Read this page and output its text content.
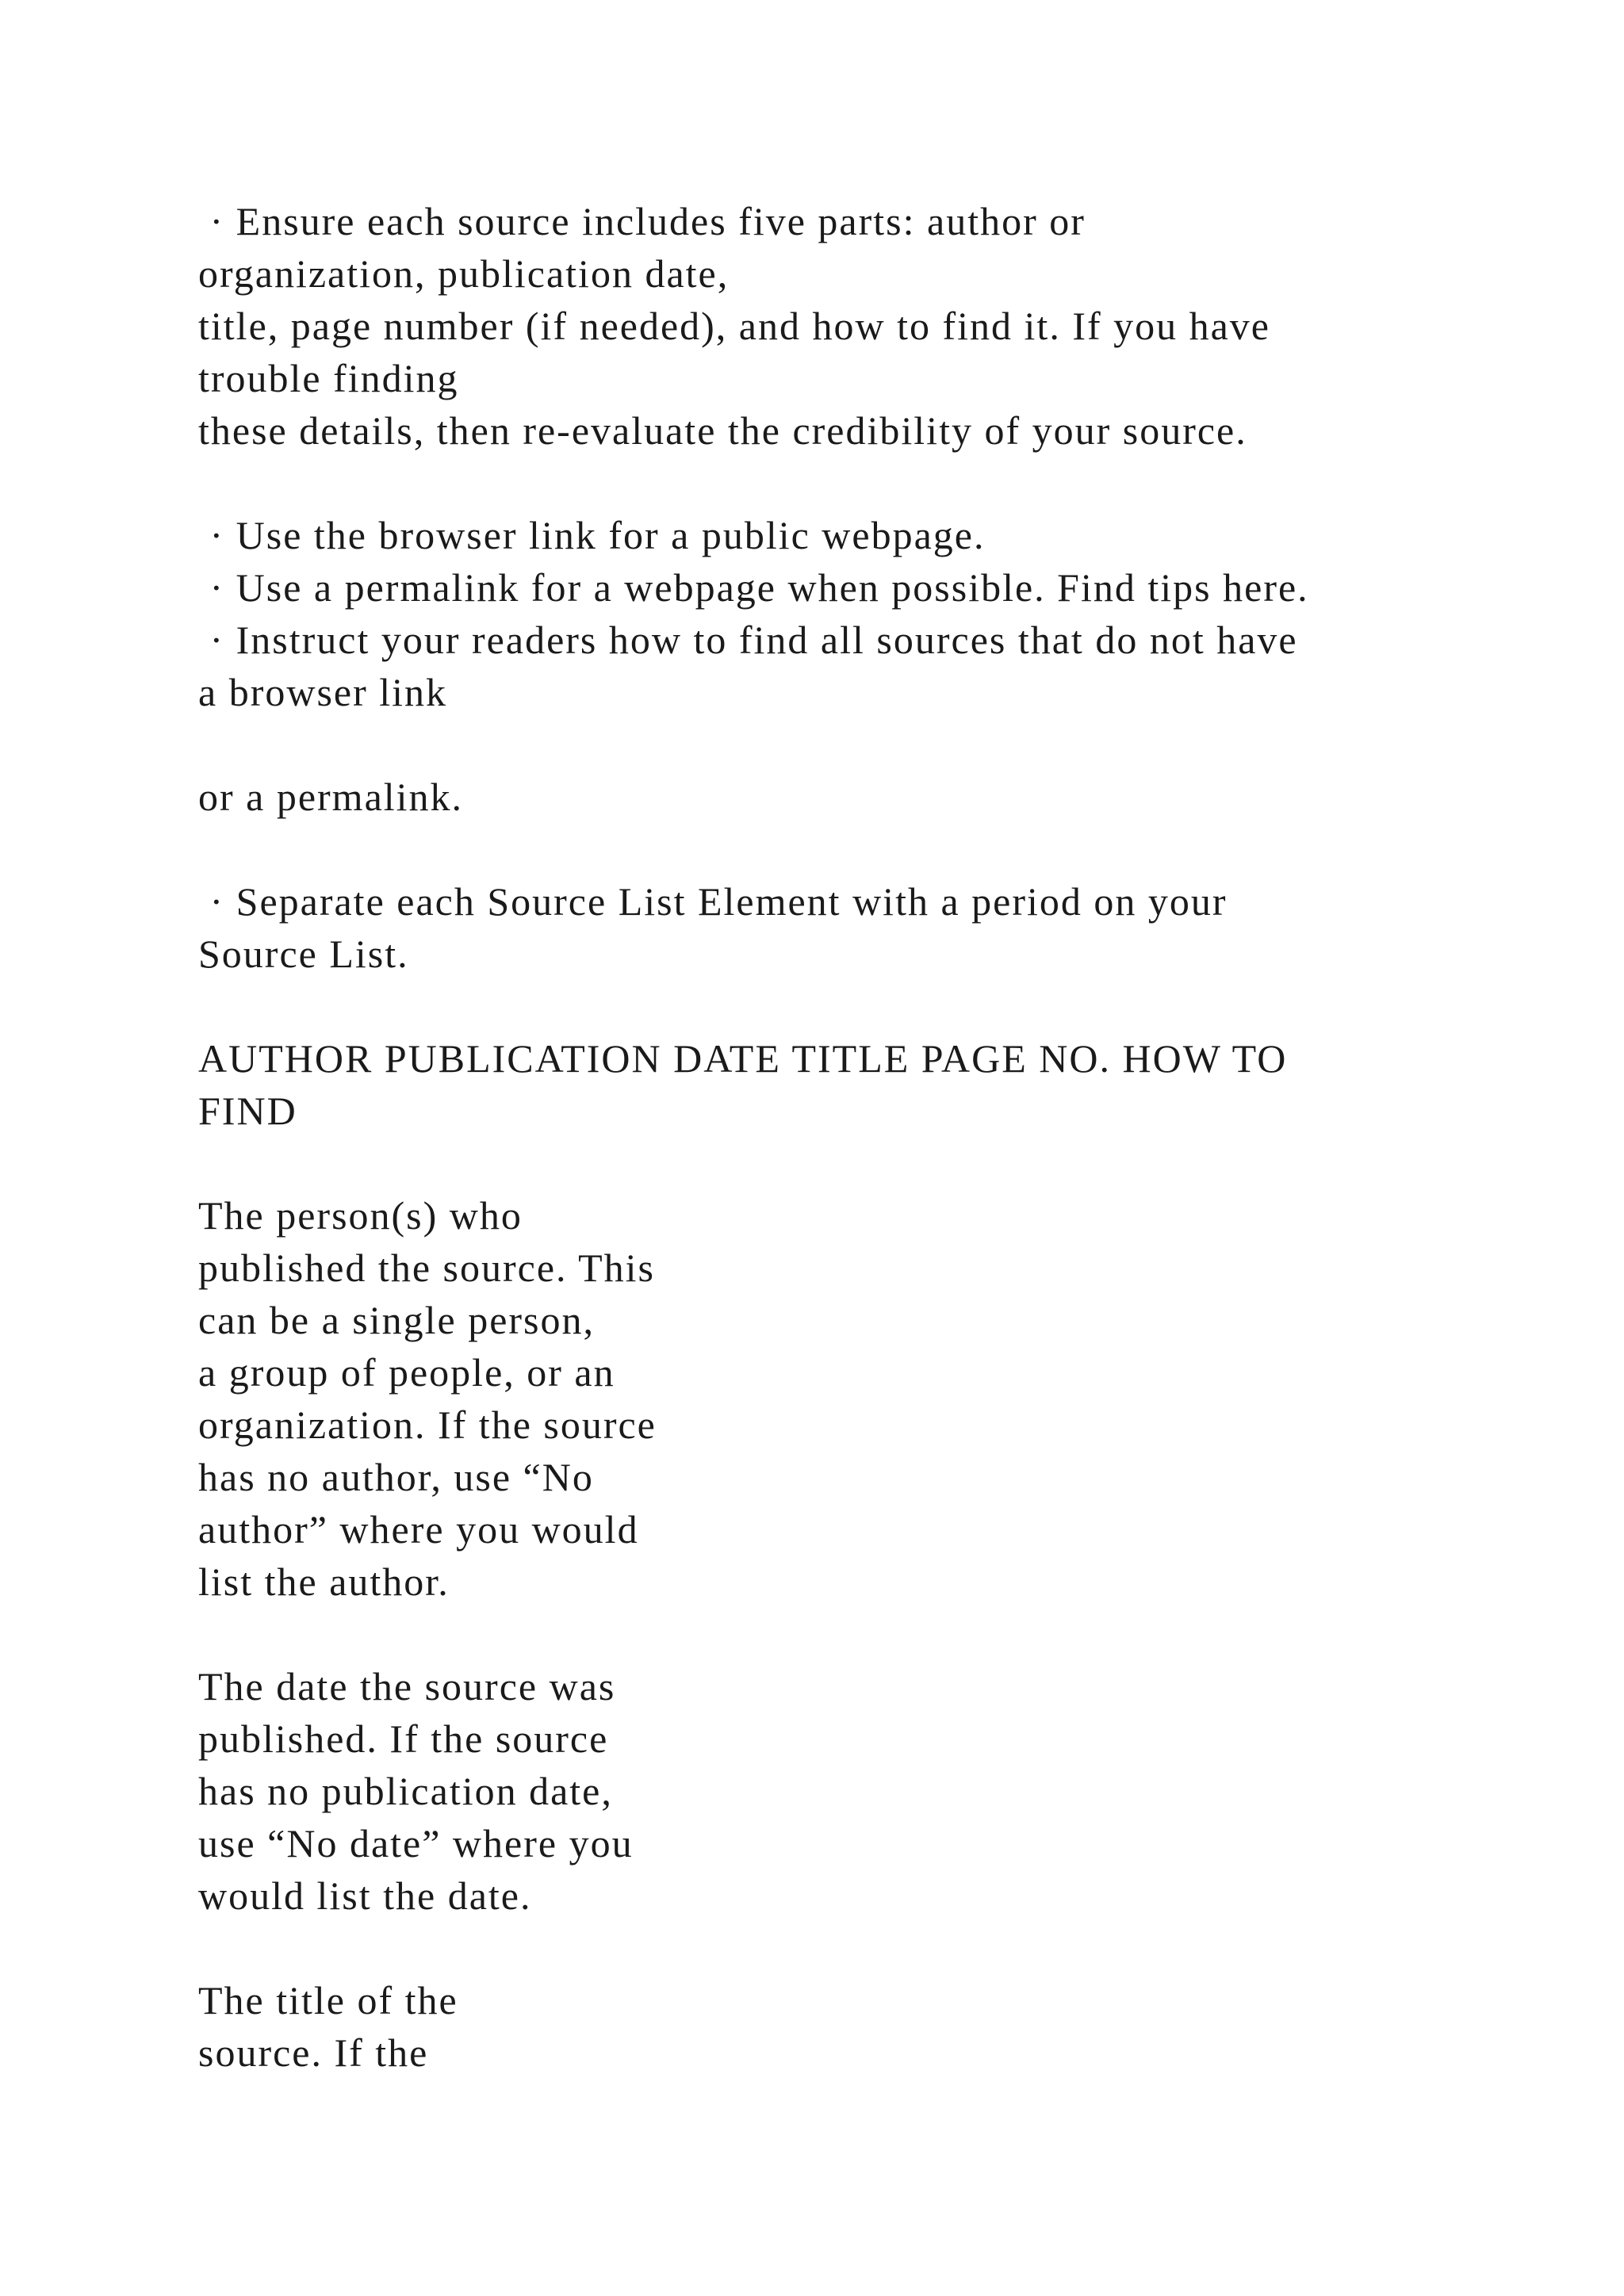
· Ensure each source includes five parts: author or
organization, publication date,
title, page number (if needed), and how to find it. If you have
trouble finding
these details, then re-evaluate the credibility of your source.
· Use the browser link for a public webpage.
· Use a permalink for a webpage when possible. Find tips here.
· Instruct your readers how to find all sources that do not have
a browser link
or a permalink.
· Separate each Source List Element with a period on your
Source List.
AUTHOR PUBLICATION DATE TITLE PAGE NO. HOW TO
FIND
The person(s) who
published the source. This
can be a single person,
a group of people, or an
organization. If the source
has no author, use “No
author” where you would
list the author.
The date the source was
published. If the source
has no publication date,
use “No date” where you
would list the date.
The title of the
source. If the
